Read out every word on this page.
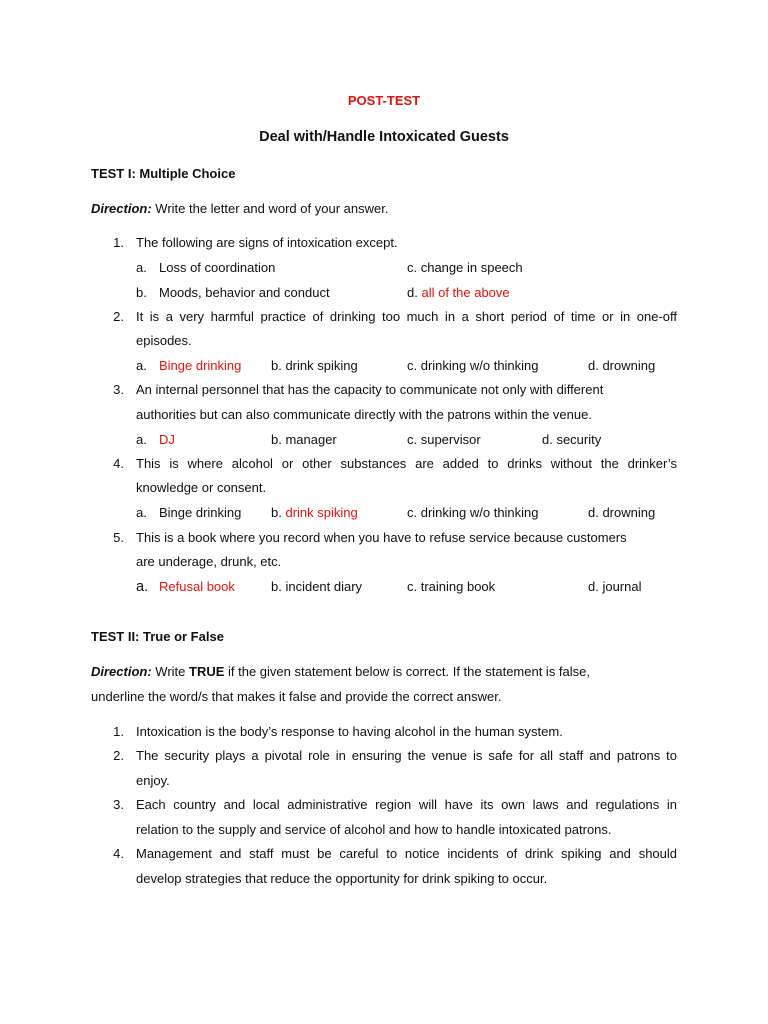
POST-TEST
Deal with/Handle Intoxicated Guests
TEST I: Multiple Choice
Direction: Write the letter and word of your answer.
1. The following are signs of intoxication except.
a. Loss of coordination	c. change in speech
b. Moods, behavior and conduct	d. all of the above
2. It is a very harmful practice of drinking too much in a short period of time or in one-off
episodes.
a. Binge drinking b. drink spiking	c. drinking w/o thinking	d. drowning
3. An internal personnel that has the capacity to communicate not only with different
authorities but can also communicate directly with the patrons within the venue.
a. DJ	b. manager	c. supervisor	d. security
4. This is where alcohol or other substances are added to drinks without the drinker’s
knowledge or consent.
a. Binge drinking b. drink spiking	c. drinking w/o thinking	d. drowning
5. This is a book where you record when you have to refuse service because customers
are underage, drunk, etc.
a. Refusal book	b. incident diary	c. training book	d. journal
TEST II: True or False
Direction: Write TRUE if the given statement below is correct. If the statement is false,
underline the word/s that makes it false and provide the correct answer.
1. Intoxication is the body’s response to having alcohol in the human system.
2. The security plays a pivotal role in ensuring the venue is safe for all staff and patrons to
enjoy.
3. Each country and local administrative region will have its own laws and regulations in
relation to the supply and service of alcohol and how to handle intoxicated patrons.
4. Management and staff must be careful to notice incidents of drink spiking and should
develop strategies that reduce the opportunity for drink spiking to occur.
